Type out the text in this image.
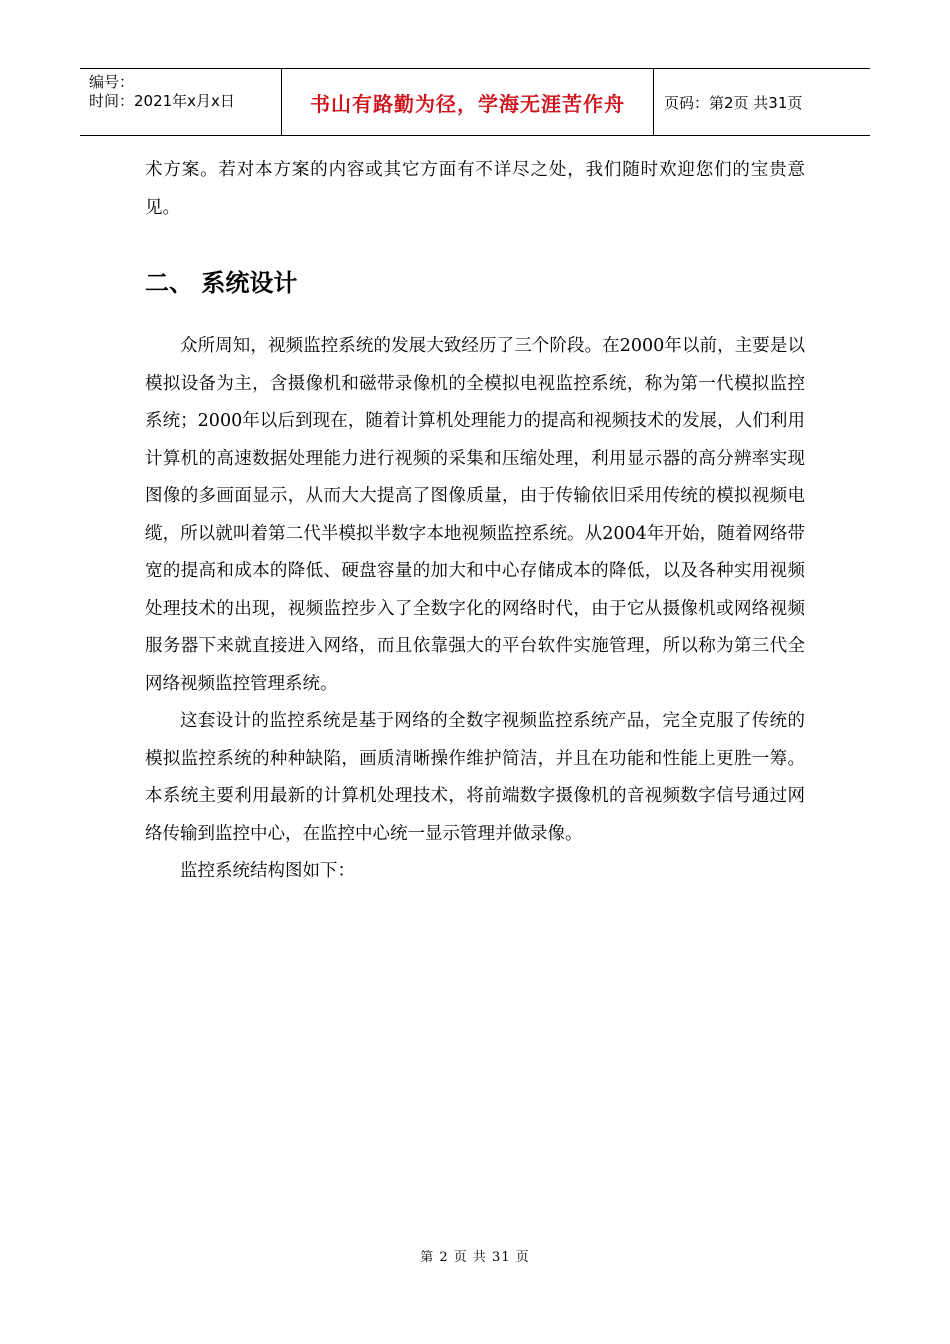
编号：
时间：2021年x月x日	书山有路勤为径，学海无涯苦作舟	页码：第2页 共31页

术方案。若对本方案的内容或其它方面有不详尽之处，我们随时欢迎您们的宝贵意见。

二、 系统设计

众所周知，视频监控系统的发展大致经历了三个阶段。在2000年以前，主要是以模拟设备为主，含摄像机和磁带录像机的全模拟电视监控系统，称为第一代模拟监控系统；2000年以后到现在，随着计算机处理能力的提高和视频技术的发展，人们利用计算机的高速数据处理能力进行视频的采集和压缩处理，利用显示器的高分辨率实现图像的多画面显示，从而大大提高了图像质量，由于传输依旧采用传统的模拟视频电缆，所以就叫着第二代半模拟半数字本地视频监控系统。从2004年开始，随着网络带宽的提高和成本的降低、硬盘容量的加大和中心存储成本的降低，以及各种实用视频处理技术的出现，视频监控步入了全数字化的网络时代，由于它从摄像机或网络视频服务器下来就直接进入网络，而且依靠强大的平台软件实施管理，所以称为第三代全网络视频监控管理系统。

这套设计的监控系统是基于网络的全数字视频监控系统产品，完全克服了传统的模拟监控系统的种种缺陷，画质清晰操作维护简洁，并且在功能和性能上更胜一筹。本系统主要利用最新的计算机处理技术，将前端数字摄像机的音视频数字信号通过网络传输到监控中心，在监控中心统一显示管理并做录像。

监控系统结构图如下：

第 2 页 共 31 页
